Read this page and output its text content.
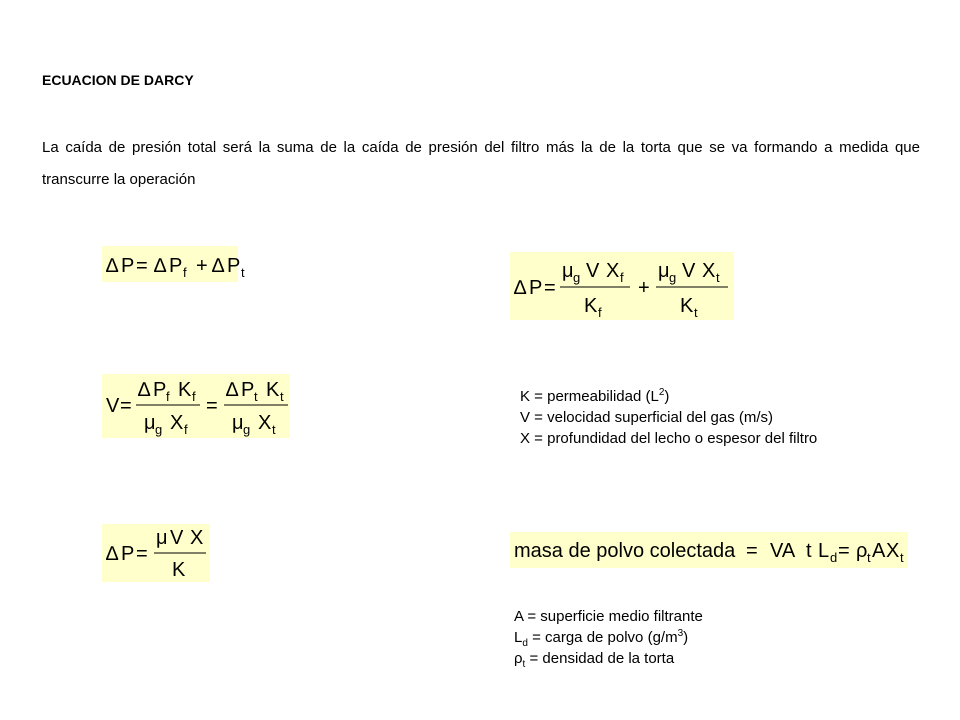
ECUACION DE DARCY
La caída de presión total será la suma de la caída de presión del filtro más la de la torta que se va formando a medida que transcurre la operación
∆ P = ∆ P f + ∆ P t
∆ P =
μ g V X f
K f
+
μ g V X t
K t
V =
∆ P f K f
μ g X f
=
∆ P t K t
μ g X t
K = permeabilidad $(L^2)$
V = velocidad superficial del gas (m/s)
X = profundidad del lecho o espesor del filtro
∆ P =
μ V X
K
masa de polvo colectada = VA t L d = ρ t A X t
A = superficie medio filtrante
$L_d$ = carga de polvo $(g/m^3)$
$\rho_t$ = densidad de la torta
